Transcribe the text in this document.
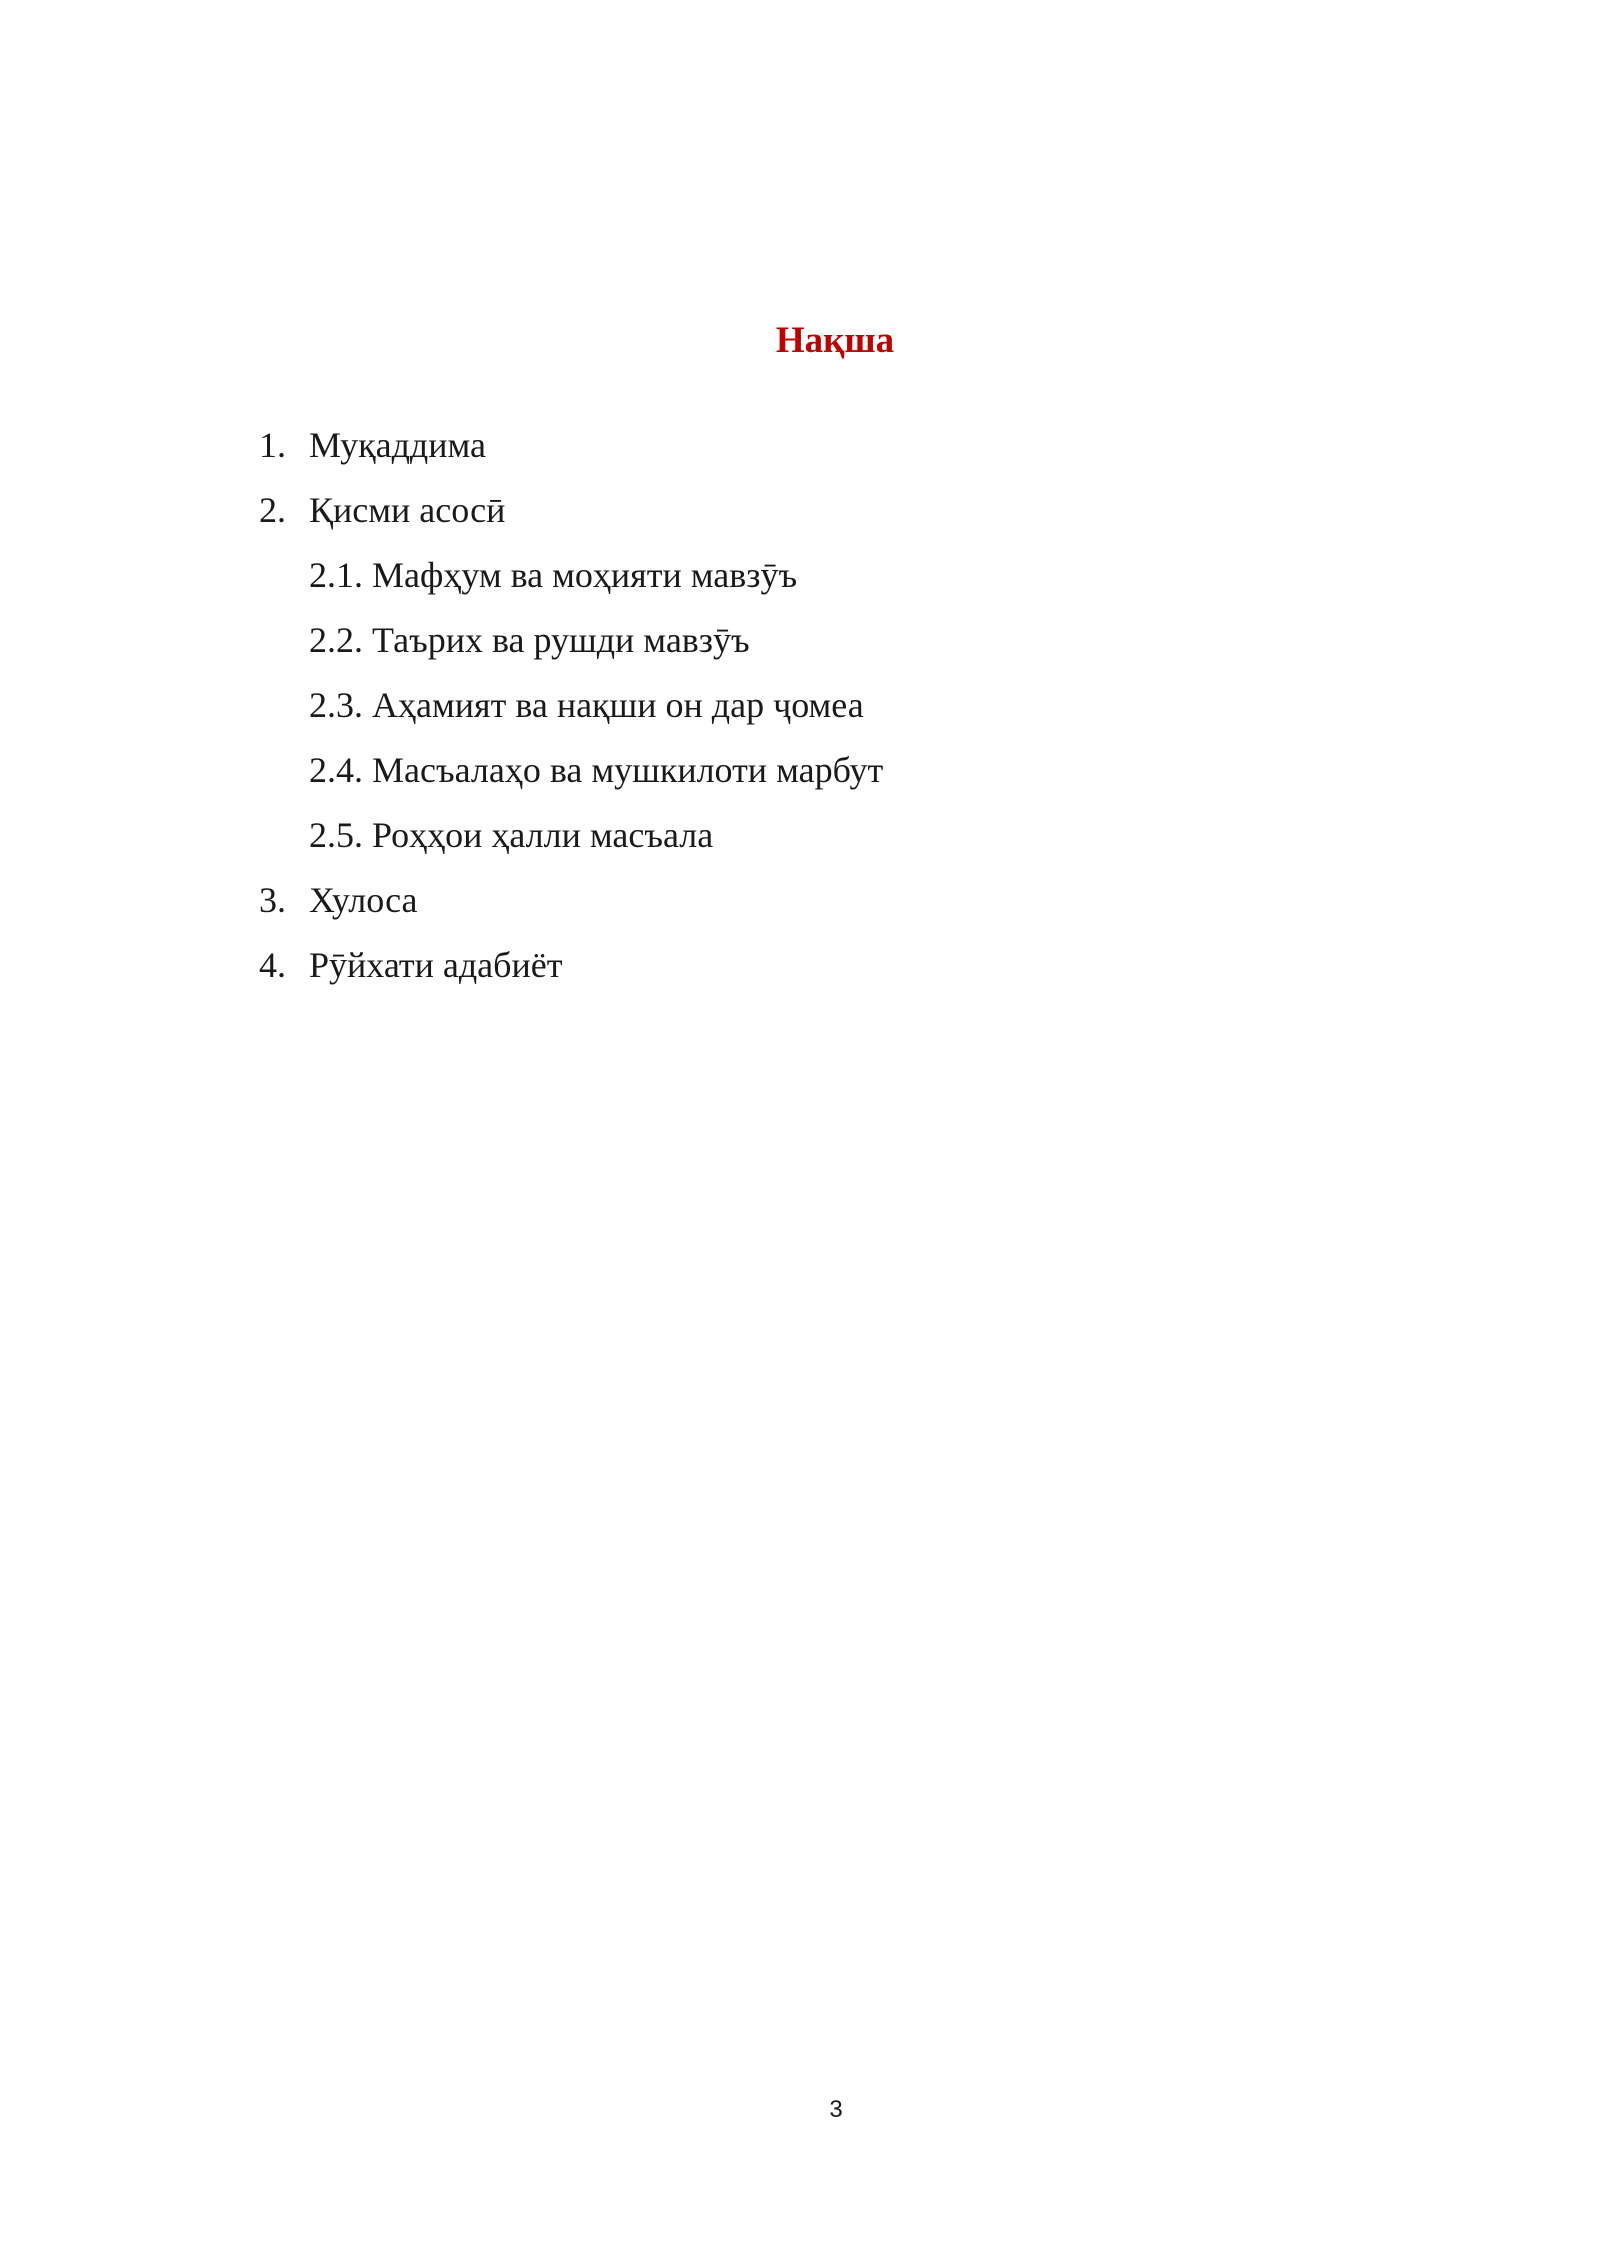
Нақша
1. Муқаддима
2. Қисми асосӣ
2.1. Мафҳум ва моҳияти мавзӯъ
2.2. Таърих ва рушди мавзӯъ
2.3. Аҳамият ва нақши он дар ҷомеа
2.4. Масъалаҳо ва мушкилоти марбут
2.5. Роҳҳои ҳалли масъала
3. Хулоса
4. Рӯйхати адабиёт
3
